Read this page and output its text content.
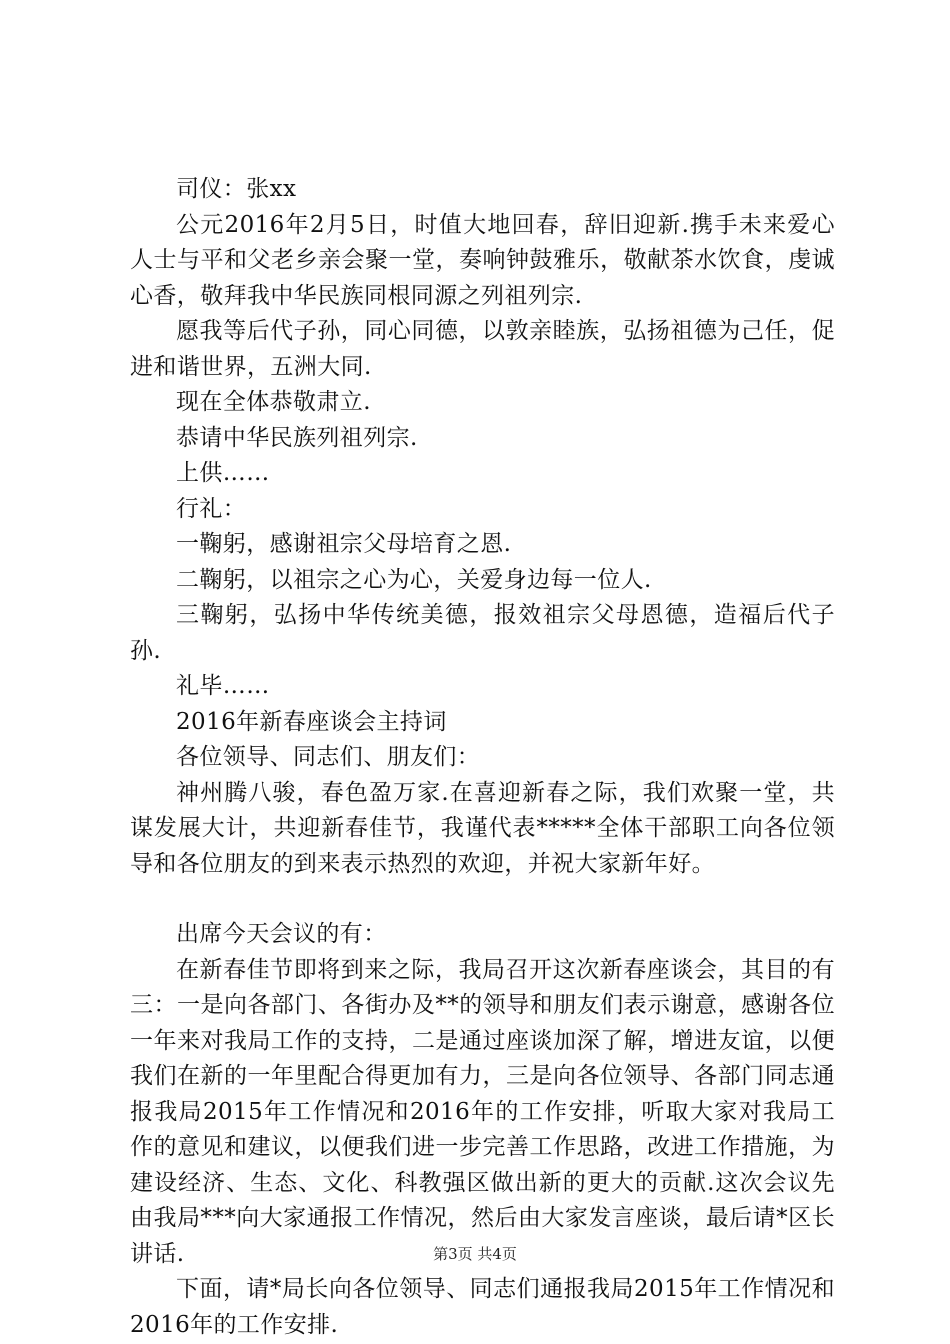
司仪：张xx

公元2016年2月5日，时值大地回春，辞旧迎新.携手未来爱心人士与平和父老乡亲会聚一堂，奏响钟鼓雅乐，敬献茶水饮食，虔诚心香，敬拜我中华民族同根同源之列祖列宗.

愿我等后代子孙，同心同德，以敦亲睦族，弘扬祖德为己任，促进和谐世界，五洲大同.

现在全体恭敬肃立.

恭请中华民族列祖列宗.

上供……

行礼：

一鞠躬，感谢祖宗父母培育之恩.

二鞠躬，以祖宗之心为心，关爱身边每一位人.

三鞠躬，弘扬中华传统美德，报效祖宗父母恩德，造福后代子孙.

礼毕……

2016年新春座谈会主持词

各位领导、同志们、朋友们：

神州腾八骏，春色盈万家.在喜迎新春之际，我们欢聚一堂，共谋发展大计，共迎新春佳节，我谨代表*****全体干部职工向各位领导和各位朋友的到来表示热烈的欢迎，并祝大家新年好。

出席今天会议的有：

在新春佳节即将到来之际，我局召开这次新春座谈会，其目的有三：一是向各部门、各街办及**的领导和朋友们表示谢意，感谢各位一年来对我局工作的支持，二是通过座谈加深了解，增进友谊，以便我们在新的一年里配合得更加有力，三是向各位领导、各部门同志通报我局2015年工作情况和2016年的工作安排，听取大家对我局工作的意见和建议，以便我们进一步完善工作思路，改进工作措施，为建设经济、生态、文化、科教强区做出新的更大的贡献.这次会议先由我局***向大家通报工作情况，然后由大家发言座谈，最后请*区长讲话.

下面，请*局长向各位领导、同志们通报我局2015年工作情况和2016年的工作安排.

第3页 共4页
